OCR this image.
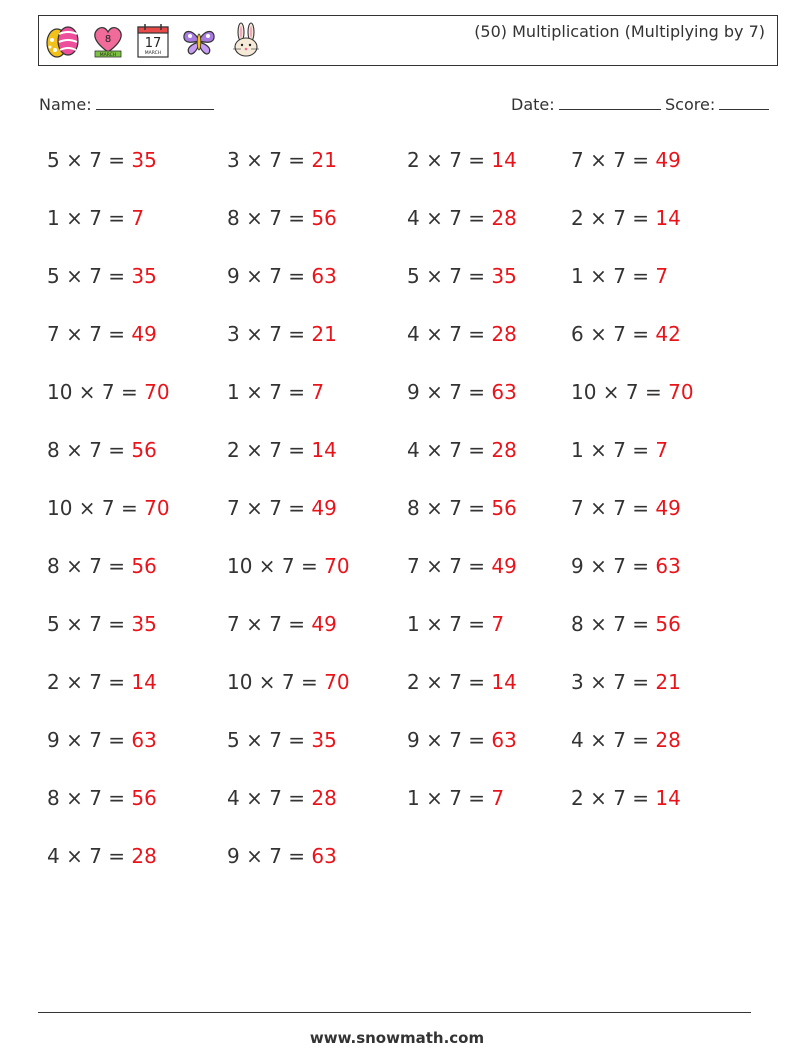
8
MARCH
17
MARCH
(50) Multiplication (Multiplying by 7)
Name:	Date:	Score:
5 × 7 = 35	3 × 7 = 21	2 × 7 = 14	7 × 7 = 49
1 × 7 = 7	8 × 7 = 56	4 × 7 = 28	2 × 7 = 14
5 × 7 = 35	9 × 7 = 63	5 × 7 = 35	1 × 7 = 7
7 × 7 = 49	3 × 7 = 21	4 × 7 = 28	6 × 7 = 42
10 × 7 = 70	1 × 7 = 7	9 × 7 = 63	10 × 7 = 70
8 × 7 = 56	2 × 7 = 14	4 × 7 = 28	1 × 7 = 7
10 × 7 = 70	7 × 7 = 49	8 × 7 = 56	7 × 7 = 49
8 × 7 = 56	10 × 7 = 70	7 × 7 = 49	9 × 7 = 63
5 × 7 = 35	7 × 7 = 49	1 × 7 = 7	8 × 7 = 56
2 × 7 = 14	10 × 7 = 70	2 × 7 = 14	3 × 7 = 21
9 × 7 = 63	5 × 7 = 35	9 × 7 = 63	4 × 7 = 28
8 × 7 = 56	4 × 7 = 28	1 × 7 = 7	2 × 7 = 14
4 × 7 = 28	9 × 7 = 63
www.snowmath.com
